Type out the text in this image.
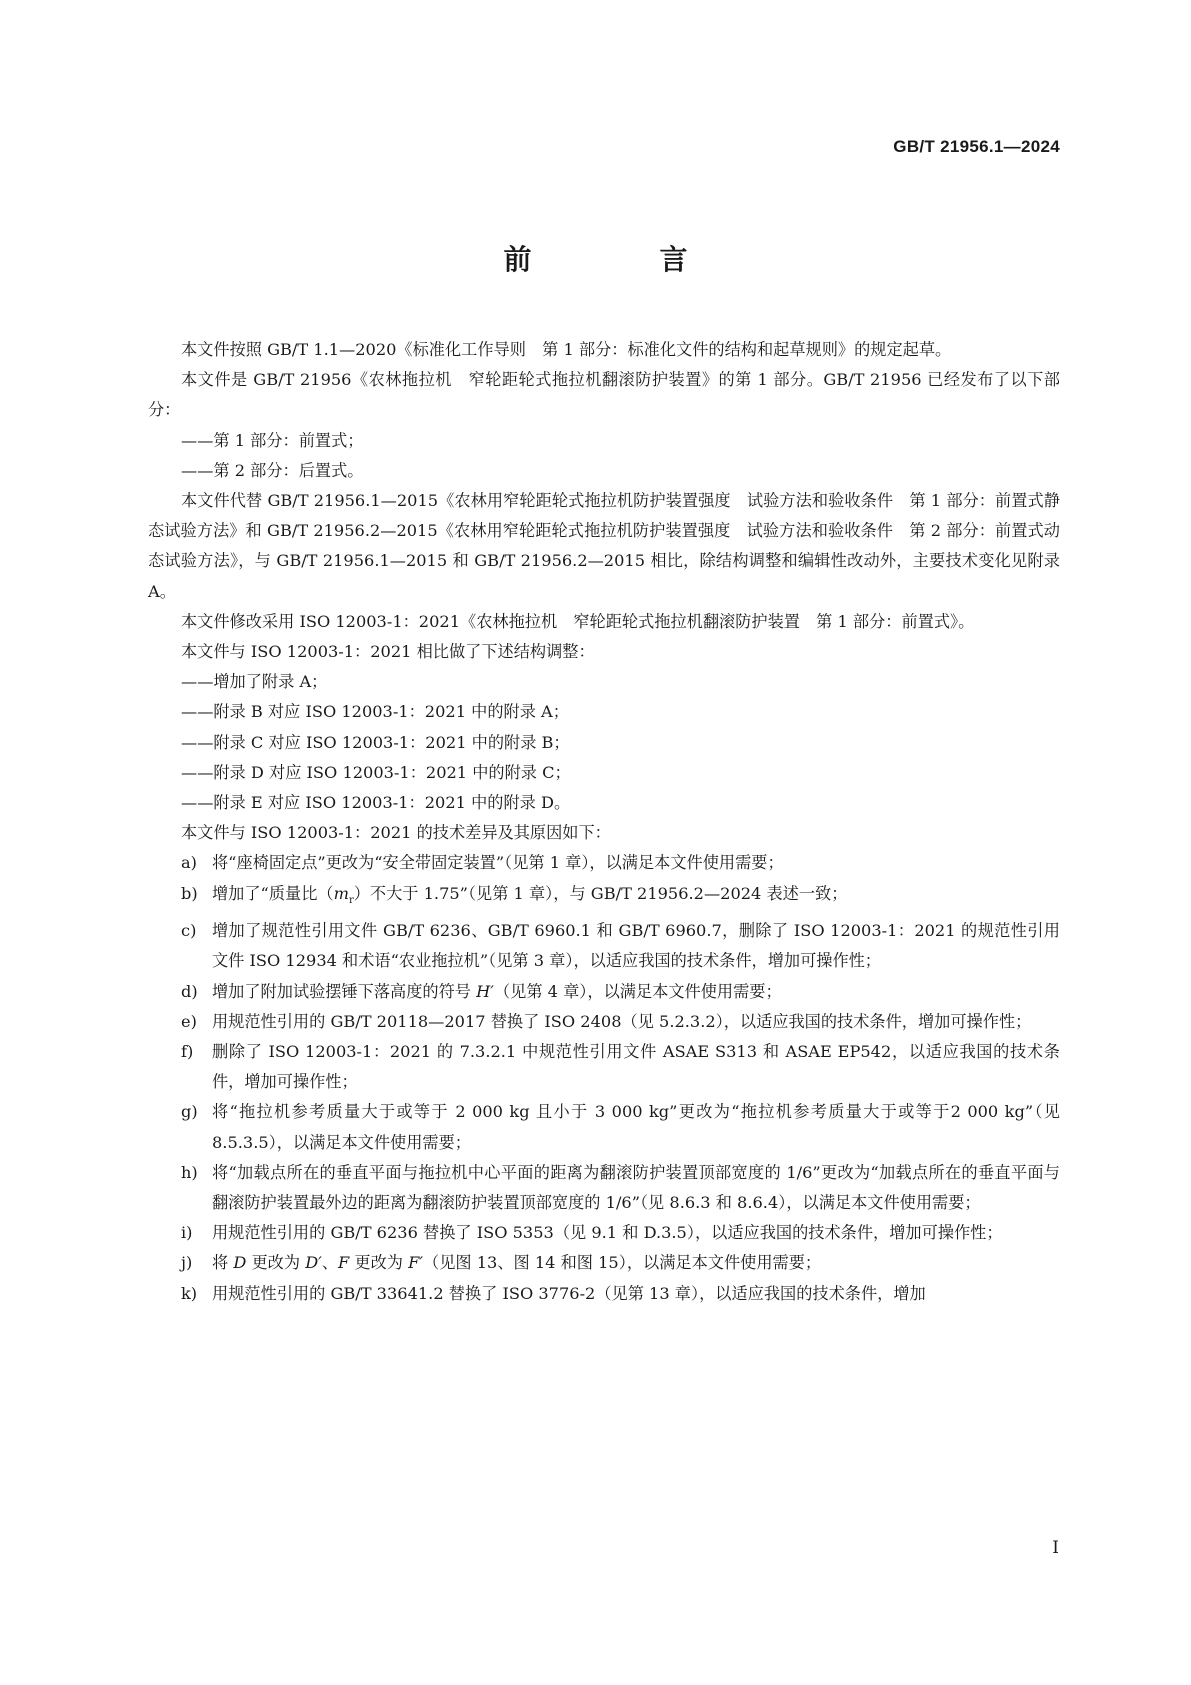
GB/T 21956.1—2024
前　言

本文件按照 GB/T 1.1—2020《标准化工作导则　第 1 部分：标准化文件的结构和起草规则》的规定起草。

本文件是 GB/T 21956《农林拖拉机　窄轮距轮式拖拉机翻滚防护装置》的第 1 部分。GB/T 21956 已经发布了以下部分：

——第 1 部分：前置式；

——第 2 部分：后置式。

本文件代替 GB/T 21956.1—2015《农林用窄轮距轮式拖拉机防护装置强度　试验方法和验收条件　第 1 部分：前置式静态试验方法》和 GB/T 21956.2—2015《农林用窄轮距轮式拖拉机防护装置强度　试验方法和验收条件　第 2 部分：前置式动态试验方法》，与 GB/T 21956.1—2015 和 GB/T 21956.2—2015 相比，除结构调整和编辑性改动外，主要技术变化见附录 A。

本文件修改采用 ISO 12003-1：2021《农林拖拉机　窄轮距轮式拖拉机翻滚防护装置　第 1 部分：前置式》。

本文件与 ISO 12003-1：2021 相比做了下述结构调整：

——增加了附录 A；

——附录 B 对应 ISO 12003-1：2021 中的附录 A；

——附录 C 对应 ISO 12003-1：2021 中的附录 B；

——附录 D 对应 ISO 12003-1：2021 中的附录 C；

——附录 E 对应 ISO 12003-1：2021 中的附录 D。

本文件与 ISO 12003-1：2021 的技术差异及其原因如下：

a) 将“座椅固定点”更改为“安全带固定装置”（见第 1 章），以满足本文件使用需要；
b) 增加了“质量比$(m_r)$不大于 1.75”（见第 1 章），与 GB/T 21956.2—2024 表述一致；
c) 增加了规范性引用文件 GB/T 6236、GB/T 6960.1 和 GB/T 6960.7，删除了 ISO 12003-1：2021 的规范性引用文件 ISO 12934 和术语“农业拖拉机”（见第 3 章），以适应我国的技术条件，增加可操作性；
d) 增加了附加试验摆锤下落高度的符号 H′（见第 4 章），以满足本文件使用需要；
e) 用规范性引用的 GB/T 20118—2017 替换了 ISO 2408（见 5.2.3.2），以适应我国的技术条件，增加可操作性；
f) 删除了 ISO 12003-1：2021 的 7.3.2.1 中规范性引用文件 ASAE S313 和 ASAE EP542，以适应我国的技术条件，增加可操作性；
g) 将“拖拉机参考质量大于或等于 2 000 kg 且小于 3 000 kg”更改为“拖拉机参考质量大于或等于2 000 kg”（见 8.5.3.5），以满足本文件使用需要；
h) 将“加载点所在的垂直平面与拖拉机中心平面的距离为翻滚防护装置顶部宽度的 1/6”更改为“加载点所在的垂直平面与翻滚防护装置最外边的距离为翻滚防护装置顶部宽度的 1/6”（见 8.6.3 和 8.6.4），以满足本文件使用需要；
i) 用规范性引用的 GB/T 6236 替换了 ISO 5353（见 9.1 和 D.3.5），以适应我国的技术条件，增加可操作性；
j) 将 D 更改为 D′、F 更改为 F′（见图 13、图 14 和图 15），以满足本文件使用需要；
k) 用规范性引用的 GB/T 33641.2 替换了 ISO 3776-2（见第 13 章），以适应我国的技术条件，增加
I
